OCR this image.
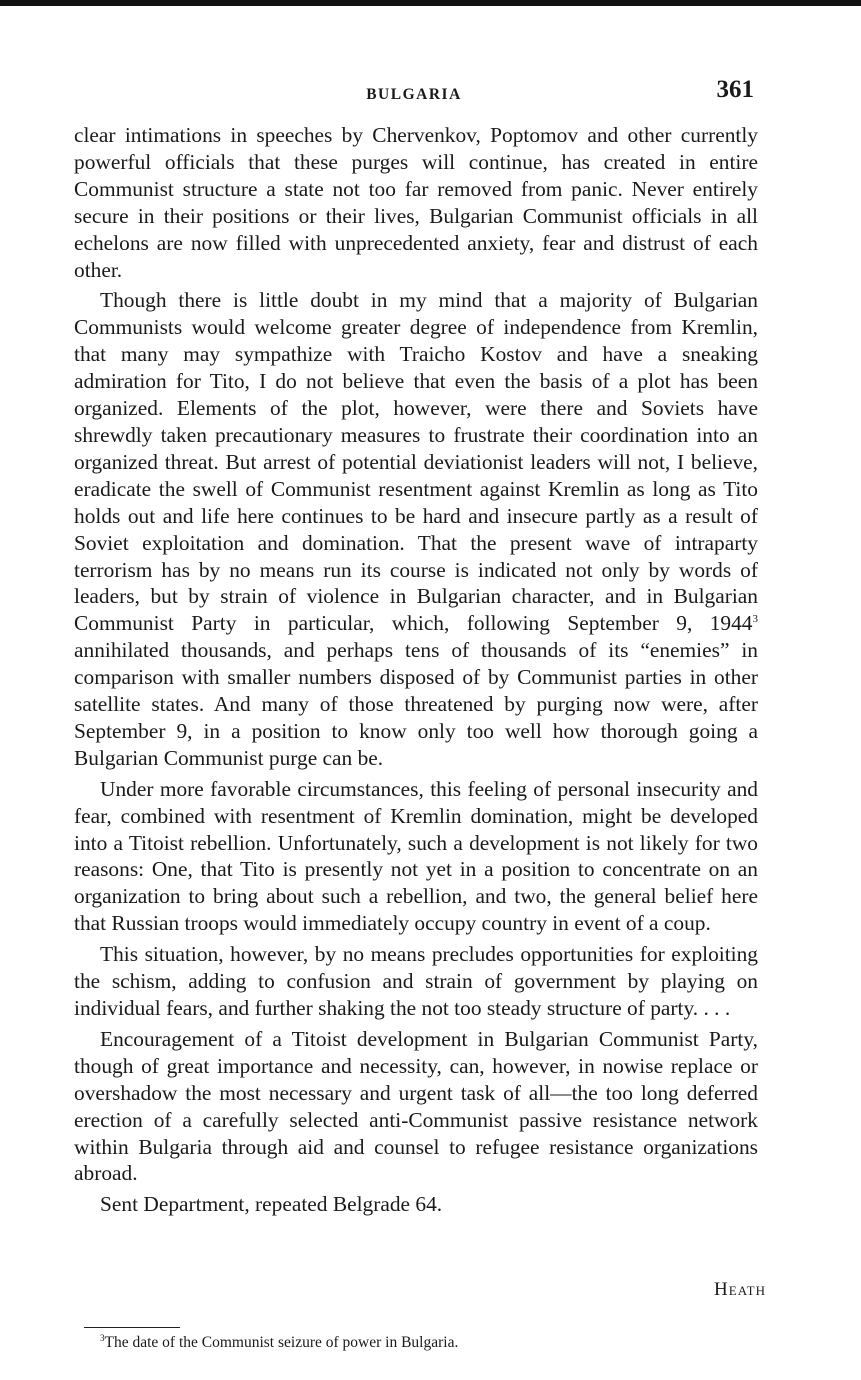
BULGARIA	361

clear intimations in speeches by Chervenkov, Poptomov and other currently powerful officials that these purges will continue, has created in entire Communist structure a state not too far removed from panic. Never entirely secure in their positions or their lives, Bulgarian Communist officials in all echelons are now filled with unprecedented anxiety, fear and distrust of each other.

Though there is little doubt in my mind that a majority of Bulgarian Communists would welcome greater degree of independence from Kremlin, that many may sympathize with Traicho Kostov and have a sneaking admiration for Tito, I do not believe that even the basis of a plot has been organized. Elements of the plot, however, were there and Soviets have shrewdly taken precautionary measures to frustrate their coordination into an organized threat. But arrest of potential deviationist leaders will not, I believe, eradicate the swell of Communist resentment against Kremlin as long as Tito holds out and life here continues to be hard and insecure partly as a result of Soviet exploitation and domination. That the present wave of intraparty terrorism has by no means run its course is indicated not only by words of leaders, but by strain of violence in Bulgarian character, and in Bulgarian Communist Party in particular, which, following September 9, 1944$^3$ annihilated thousands, and perhaps tens of thousands of its “enemies” in comparison with smaller numbers disposed of by Communist parties in other satellite states. And many of those threatened by purging now were, after September 9, in a position to know only too well how thorough going a Bulgarian Communist purge can be.

Under more favorable circumstances, this feeling of personal insecurity and fear, combined with resentment of Kremlin domination, might be developed into a Titoist rebellion. Unfortunately, such a development is not likely for two reasons: One, that Tito is presently not yet in a position to concentrate on an organization to bring about such a rebellion, and two, the general belief here that Russian troops would immediately occupy country in event of a coup.

This situation, however, by no means precludes opportunities for exploiting the schism, adding to confusion and strain of government by playing on individual fears, and further shaking the not too steady structure of party. . . .

Encouragement of a Titoist development in Bulgarian Communist Party, though of great importance and necessity, can, however, in nowise replace or overshadow the most necessary and urgent task of all—the too long deferred erection of a carefully selected anti-Communist passive resistance network within Bulgaria through aid and counsel to refugee resistance organizations abroad.

Sent Department, repeated Belgrade 64.

Heath
$^3$The date of the Communist seizure of power in Bulgaria.
